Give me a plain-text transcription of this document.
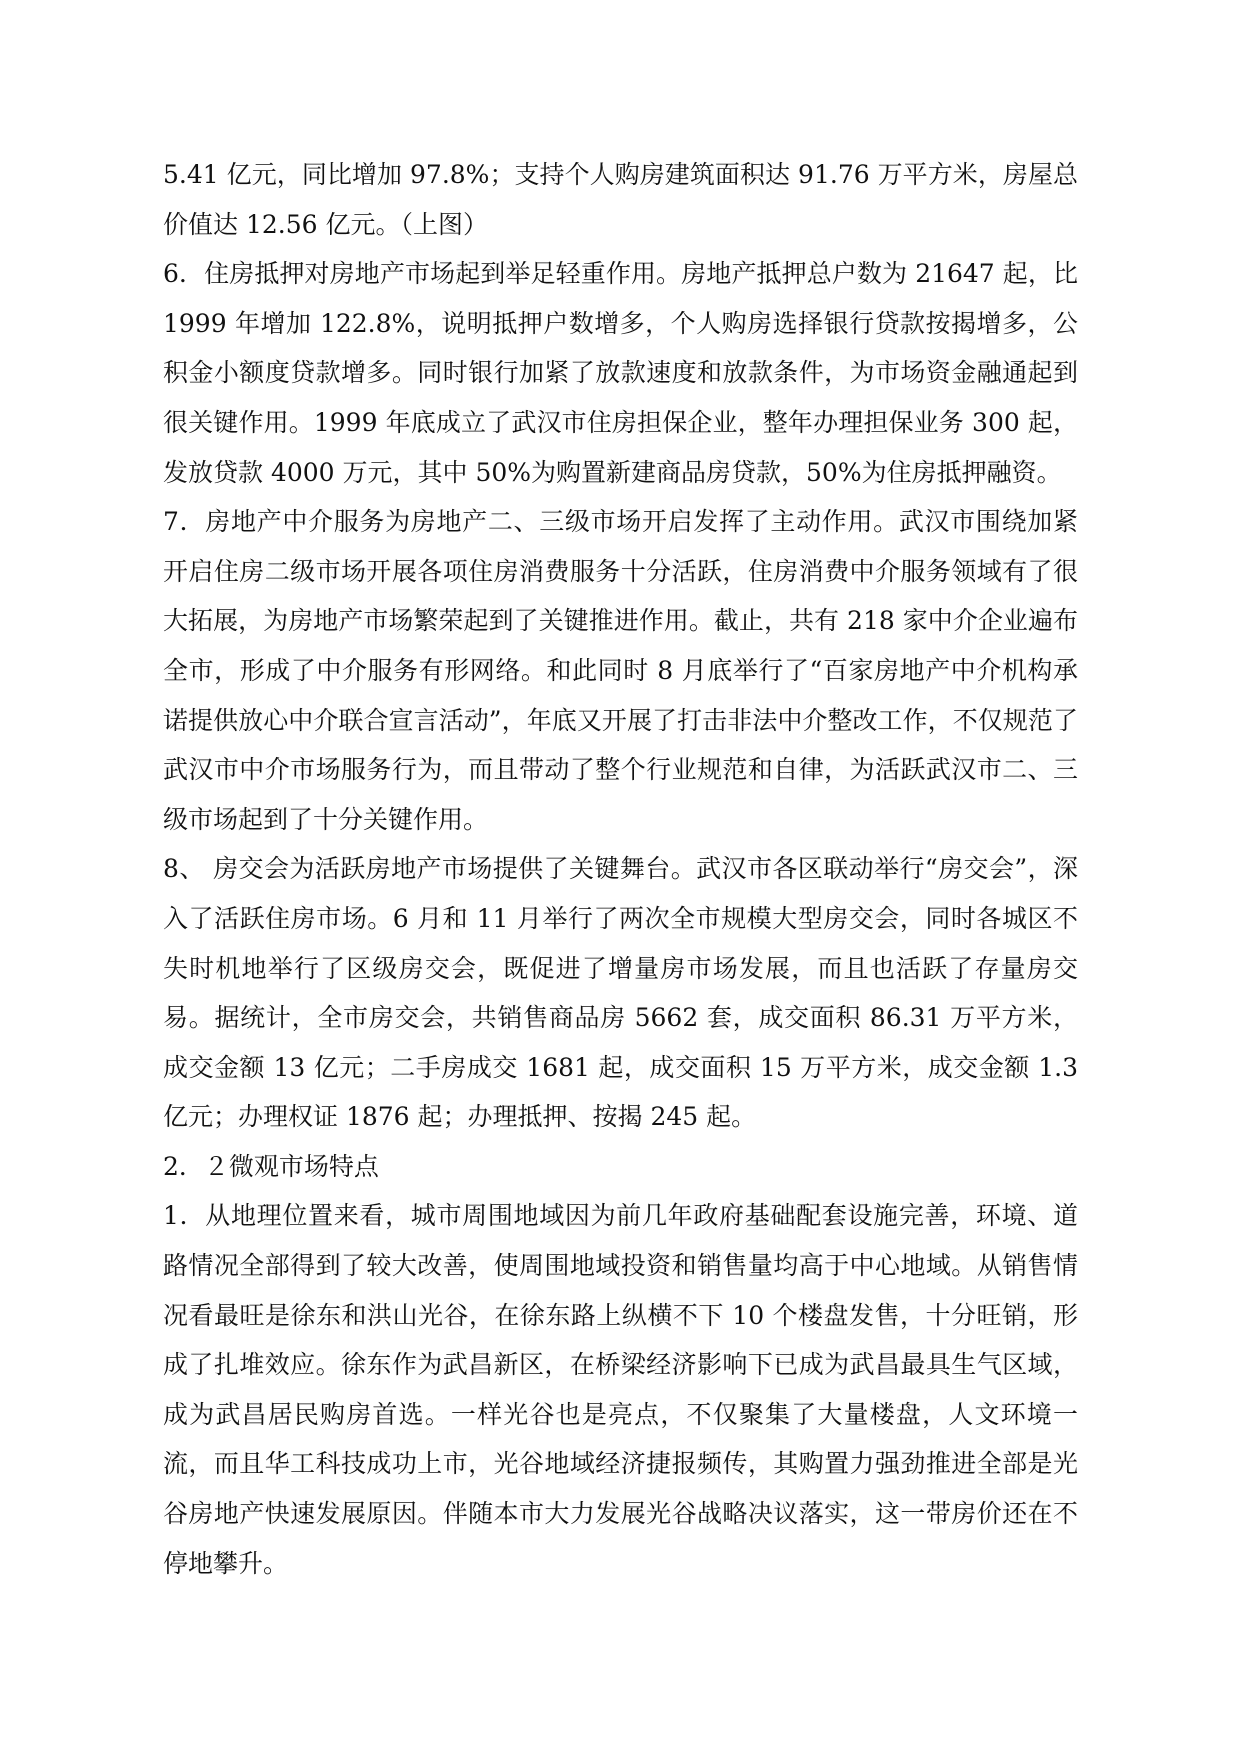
5.41 亿元，同比增加 97.8%；支持个人购房建筑面积达 91.76 万平方米，房屋总价值达 12.56 亿元。（上图）

6．住房抵押对房地产市场起到举足轻重作用。房地产抵押总户数为 21647 起，比 1999 年增加 122.8%，说明抵押户数增多，个人购房选择银行贷款按揭增多，公积金小额度贷款增多。同时银行加紧了放款速度和放款条件，为市场资金融通起到很关键作用。1999 年底成立了武汉市住房担保企业，整年办理担保业务 300 起，发放贷款 4000 万元，其中 50%为购置新建商品房贷款，50%为住房抵押融资。

7．房地产中介服务为房地产二、三级市场开启发挥了主动作用。武汉市围绕加紧开启住房二级市场开展各项住房消费服务十分活跃，住房消费中介服务领域有了很大拓展，为房地产市场繁荣起到了关键推进作用。截止，共有 218 家中介企业遍布全市，形成了中介服务有形网络。和此同时 8 月底举行了“百家房地产中介机构承诺提供放心中介联合宣言活动”，年底又开展了打击非法中介整改工作，不仅规范了武汉市中介市场服务行为，而且带动了整个行业规范和自律，为活跃武汉市二、三级市场起到了十分关键作用。

8、 房交会为活跃房地产市场提供了关键舞台。武汉市各区联动举行“房交会”，深入了活跃住房市场。6 月和 11 月举行了两次全市规模大型房交会，同时各城区不失时机地举行了区级房交会，既促进了增量房市场发展，而且也活跃了存量房交易。据统计，全市房交会，共销售商品房 5662 套，成交面积 86.31 万平方米，成交金额 13 亿元；二手房成交 1681 起，成交面积 15 万平方米，成交金额 1.3 亿元；办理权证 1876 起；办理抵押、按揭 245 起。

2．２微观市场特点

1．从地理位置来看，城市周围地域因为前几年政府基础配套设施完善，环境、道路情况全部得到了较大改善，使周围地域投资和销售量均高于中心地域。从销售情况看最旺是徐东和洪山光谷，在徐东路上纵横不下 10 个楼盘发售，十分旺销，形成了扎堆效应。徐东作为武昌新区，在桥梁经济影响下已成为武昌最具生气区域，成为武昌居民购房首选。一样光谷也是亮点，不仅聚集了大量楼盘，人文环境一流，而且华工科技成功上市，光谷地域经济捷报频传，其购置力强劲推进全部是光谷房地产快速发展原因。伴随本市大力发展光谷战略决议落实，这一带房价还在不停地攀升。
